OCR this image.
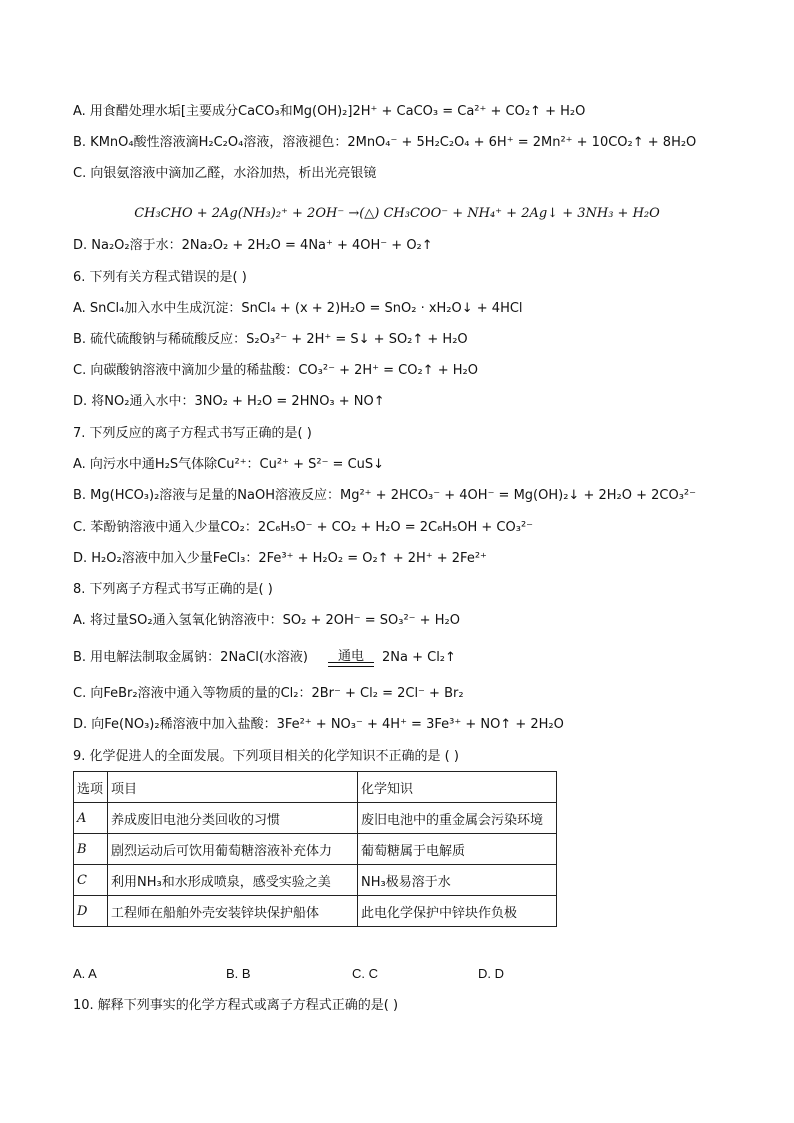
A. 用食醋处理水垢[主要成分CaCO₃和Mg(OH)₂]2H⁺ + CaCO₃ = Ca²⁺ + CO₂↑ + H₂O
B. KMnO₄酸性溶液滴H₂C₂O₄溶液，溶液褪色：2MnO₄⁻ + 5H₂C₂O₄ + 6H⁺ = 2Mn²⁺ + 10CO₂↑ + 8H₂O
C. 向银氨溶液中滴加乙醛，水浴加热，析出光亮银镜
CH₃CHO + 2Ag(NH₃)₂⁺ + 2OH⁻ →(△) CH₃COO⁻ + NH₄⁺ + 2Ag↓ + 3NH₃ + H₂O
D. Na₂O₂溶于水：2Na₂O₂ + 2H₂O = 4Na⁺ + 4OH⁻ + O₂↑
6. 下列有关方程式错误的是( )
A. SnCl₄加入水中生成沉淀：SnCl₄ + (x + 2)H₂O = SnO₂ · xH₂O↓ + 4HCl
B. 硫代硫酸钠与稀硫酸反应：S₂O₃²⁻ + 2H⁺ = S↓ + SO₂↑ + H₂O
C. 向碳酸钠溶液中滴加少量的稀盐酸：CO₃²⁻ + 2H⁺ = CO₂↑ + H₂O
D. 将NO₂通入水中：3NO₂ + H₂O = 2HNO₃ + NO↑
7. 下列反应的离子方程式书写正确的是( )
A. 向污水中通H₂S气体除Cu²⁺：Cu²⁺ + S²⁻ = CuS↓
B. Mg(HCO₃)₂溶液与足量的NaOH溶液反应：Mg²⁺ + 2HCO₃⁻ + 4OH⁻ = Mg(OH)₂↓ + 2H₂O + 2CO₃²⁻
C. 苯酚钠溶液中通入少量CO₂：2C₆H₅O⁻ + CO₂ + H₂O = 2C₆H₅OH + CO₃²⁻
D. H₂O₂溶液中加入少量FeCl₃：2Fe³⁺ + H₂O₂ = O₂↑ + 2H⁺ + 2Fe²⁺
8. 下列离子方程式书写正确的是( )
A. 将过量SO₂通入氢氧化钠溶液中：SO₂ + 2OH⁻ = SO₃²⁻ + H₂O
B. 用电解法制取金属钠：2NaCl(水溶液)	通电	2Na + Cl₂↑
C. 向FeBr₂溶液中通入等物质的量的Cl₂：2Br⁻ + Cl₂ = 2Cl⁻ + Br₂
D. 向Fe(NO₃)₂稀溶液中加入盐酸：3Fe²⁺ + NO₃⁻ + 4H⁺ = 3Fe³⁺ + NO↑ + 2H₂O
9. 化学促进人的全面发展。下列项目相关的化学知识不正确的是 ( )
选项	项目	化学知识
A	养成废旧电池分类回收的习惯	废旧电池中的重金属会污染环境
B	剧烈运动后可饮用葡萄糖溶液补充体力	葡萄糖属于电解质
C	利用NH₃和水形成喷泉，感受实验之美	NH₃极易溶于水
D	工程师在船舶外壳安装锌块保护船体	此电化学保护中锌块作负极
A. A	B. B	C. C	D. D
10. 解释下列事实的化学方程式或离子方程式正确的是( )
